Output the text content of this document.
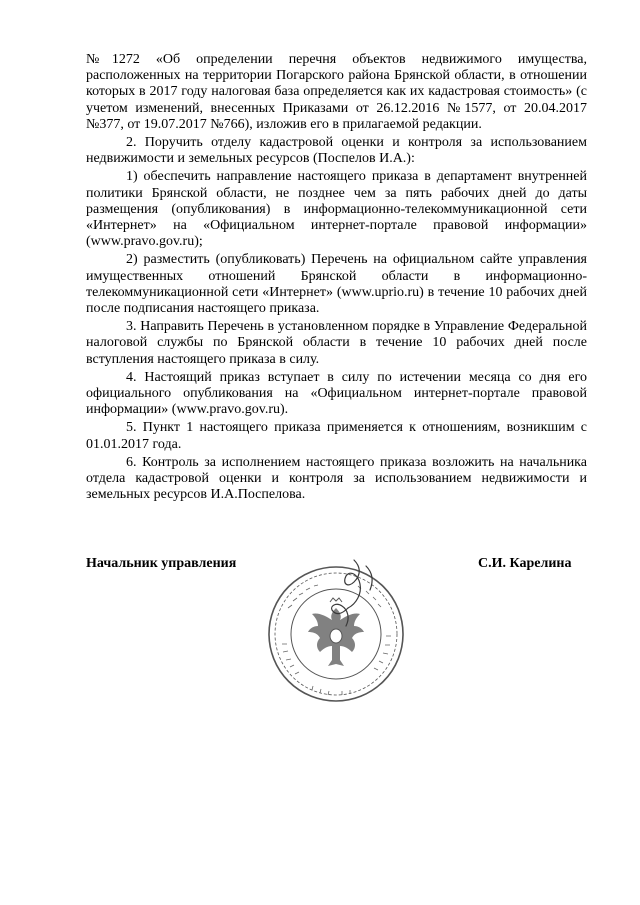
№1272 «Об определении перечня объектов недвижимого имущества, расположенных на территории Погарского района Брянской области, в отношении которых в 2017 году налоговая база определяется как их кадастровая стоимость» (с учетом изменений, внесенных Приказами от 26.12.2016 №1577, от 20.04.2017 №377, от 19.07.2017 №766), изложив его в прилагаемой редакции.

2. Поручить отделу кадастровой оценки и контроля за использованием недвижимости и земельных ресурсов (Поспелов И.А.):

1) обеспечить направление настоящего приказа в департамент внутренней политики Брянской области, не позднее чем за пять рабочих дней до даты размещения (опубликования) в информационно-телекоммуникационной сети «Интернет» на «Официальном интернет-портале правовой информации» (www.pravo.gov.ru);

2) разместить (опубликовать) Перечень на официальном сайте управления имущественных отношений Брянской области в информационно-телекоммуникационной сети «Интернет» (www.uprio.ru) в течение 10 рабочих дней после подписания настоящего приказа.

3. Направить Перечень в установленном порядке в Управление Федеральной налоговой службы по Брянской области в течение 10 рабочих дней после вступления настоящего приказа в силу.

4. Настоящий приказ вступает в силу по истечении месяца со дня его официального опубликования на «Официальном интернет-портале правовой информации» (www.pravo.gov.ru).

5. Пункт 1 настоящего приказа применяется к отношениям, возникшим с 01.01.2017 года.

6. Контроль за исполнением настоящего приказа возложить на начальника отдела кадастровой оценки и контроля за использованием недвижимости и земельных ресурсов И.А.Поспелова.

Начальник управления	С.И. Карелина
